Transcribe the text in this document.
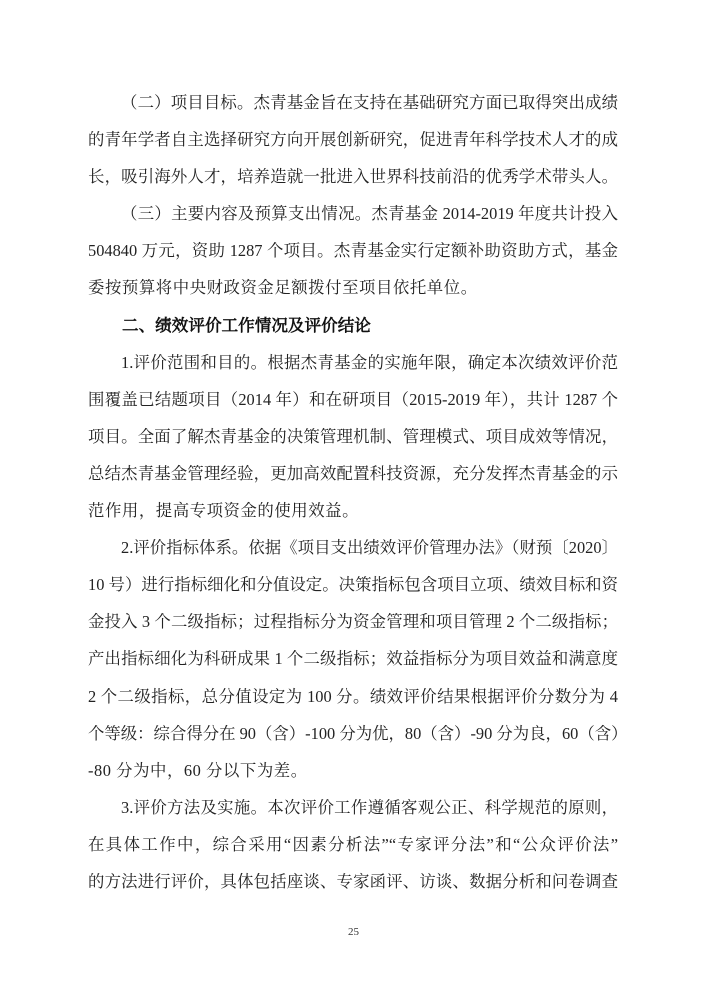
（二）项目目标。杰青基金旨在支持在基础研究方面已取得突出成绩
的青年学者自主选择研究方向开展创新研究，促进青年科学技术人才的成
长，吸引海外人才，培养造就一批进入世界科技前沿的优秀学术带头人。
（三）主要内容及预算支出情况。杰青基金 2014-2019 年度共计投入
504840 万元，资助 1287 个项目。杰青基金实行定额补助资助方式，基金
委按预算将中央财政资金足额拨付至项目依托单位。
二、绩效评价工作情况及评价结论
1.评价范围和目的。根据杰青基金的实施年限，确定本次绩效评价范
围覆盖已结题项目（2014 年）和在研项目（2015-2019 年），共计 1287 个
项目。全面了解杰青基金的决策管理机制、管理模式、项目成效等情况，
总结杰青基金管理经验，更加高效配置科技资源，充分发挥杰青基金的示
范作用，提高专项资金的使用效益。
2.评价指标体系。依据《项目支出绩效评价管理办法》（财预〔2020〕
10 号）进行指标细化和分值设定。决策指标包含项目立项、绩效目标和资
金投入 3 个二级指标；过程指标分为资金管理和项目管理 2 个二级指标；
产出指标细化为科研成果 1 个二级指标；效益指标分为项目效益和满意度
2 个二级指标，总分值设定为 100 分。绩效评价结果根据评价分数分为 4
个等级：综合得分在 90（含）-100 分为优，80（含）-90 分为良，60（含）
-80 分为中，60 分以下为差。
3.评价方法及实施。本次评价工作遵循客观公正、科学规范的原则，
在具体工作中，综合采用“因素分析法”“专家评分法”和“公众评价法”
的方法进行评价，具体包括座谈、专家函评、访谈、数据分析和问卷调查
25
